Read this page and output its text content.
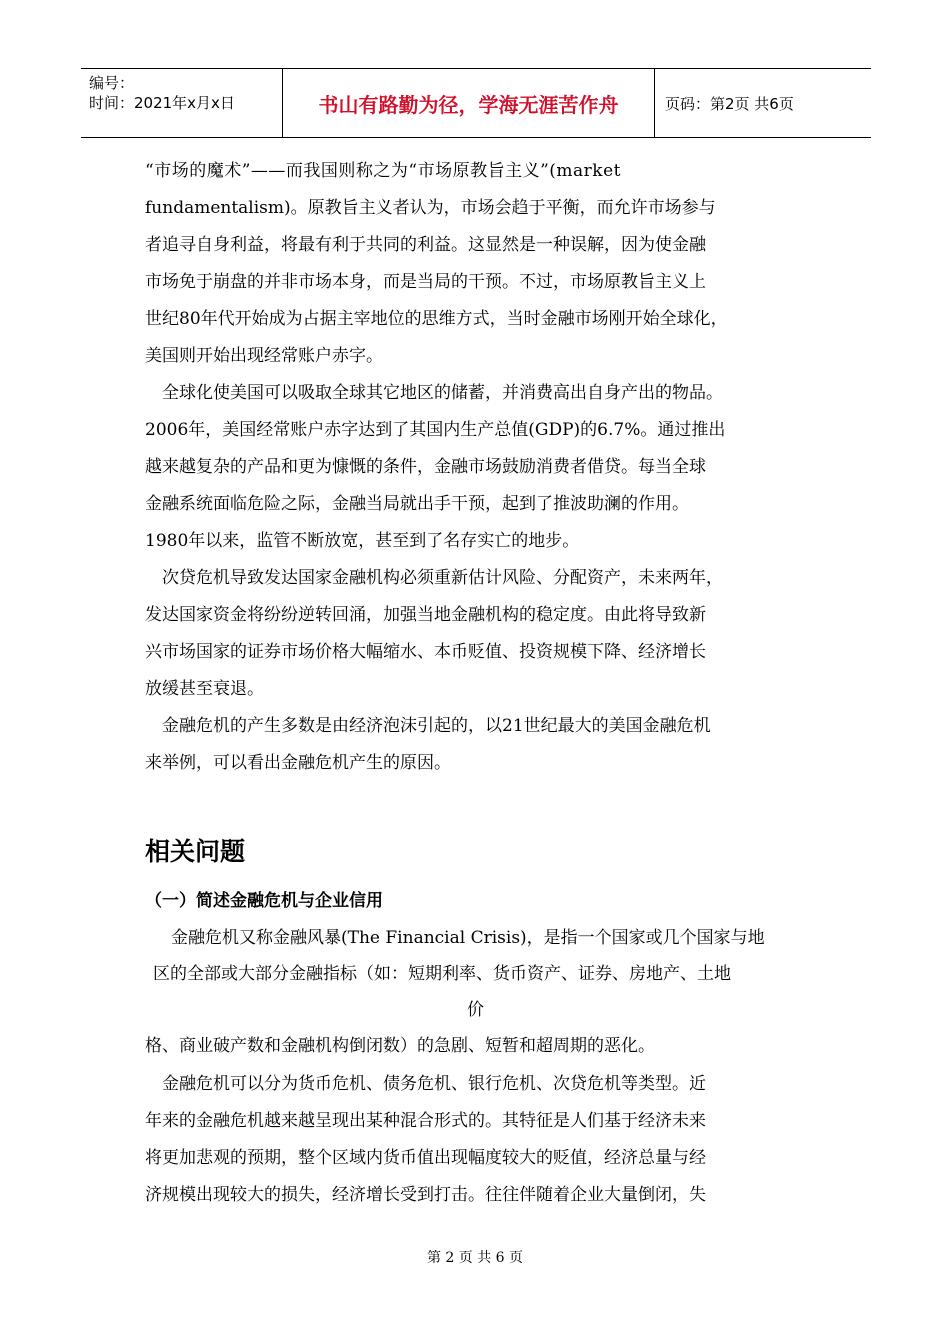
编号：
时间：2021年x月x日	书山有路勤为径，学海无涯苦作舟	页码：第2页 共6页
“市场的魔术”——而我国则称之为“市场原教旨主义”(market
fundamentalism)。原教旨主义者认为，市场会趋于平衡，而允许市场参与
者追寻自身利益，将最有利于共同的利益。这显然是一种误解，因为使金融
市场免于崩盘的并非市场本身，而是当局的干预。不过，市场原教旨主义上
世纪80年代开始成为占据主宰地位的思维方式，当时金融市场刚开始全球化，
美国则开始出现经常账户赤字。
全球化使美国可以吸取全球其它地区的储蓄，并消费高出自身产出的物品。
2006年，美国经常账户赤字达到了其国内生产总值(GDP)的6.7%。通过推出
越来越复杂的产品和更为慷慨的条件，金融市场鼓励消费者借贷。每当全球
金融系统面临危险之际，金融当局就出手干预，起到了推波助澜的作用。
1980年以来，监管不断放宽，甚至到了名存实亡的地步。
次贷危机导致发达国家金融机构必须重新估计风险、分配资产，未来两年，
发达国家资金将纷纷逆转回涌，加强当地金融机构的稳定度。由此将导致新
兴市场国家的证券市场价格大幅缩水、本币贬值、投资规模下降、经济增长
放缓甚至衰退。
金融危机的产生多数是由经济泡沫引起的，以21世纪最大的美国金融危机
来举例，可以看出金融危机产生的原因。
相关问题
（一）简述金融危机与企业信用
金融危机又称金融风暴(The Financial Crisis)，是指一个国家或几个国家与地
区的全部或大部分金融指标（如：短期利率、货币资产、证券、房地产、土地
价
格、商业破产数和金融机构倒闭数）的急剧、短暂和超周期的恶化。
金融危机可以分为货币危机、债务危机、银行危机、次贷危机等类型。近
年来的金融危机越来越呈现出某种混合形式的。其特征是人们基于经济未来
将更加悲观的预期，整个区域内货币值出现幅度较大的贬值，经济总量与经
济规模出现较大的损失，经济增长受到打击。往往伴随着企业大量倒闭，失
第 2 页 共 6 页
